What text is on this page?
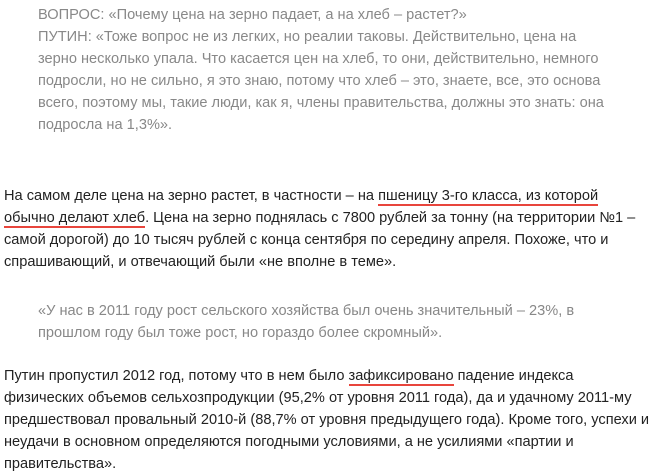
ВОПРОС: «Почему цена на зерно падает, а на хлеб – растет?»
ПУТИН: «Тоже вопрос не из легких, но реалии таковы. Действительно, цена на
зерно несколько упала. Что касается цен на хлеб, то они, действительно, немного
подросли, но не сильно, я это знаю, потому что хлеб – это, знаете, все, это основа
всего, поэтому мы, такие люди, как я, члены правительства, должны это знать: она
подросла на 1,3%».
На самом деле цена на зерно растет, в частности – на пшеницу 3-го класса, из которой
обычно делают хлеб. Цена на зерно поднялась с 7800 рублей за тонну (на территории №1 –
самой дорогой) до 10 тысяч рублей с конца сентября по середину апреля. Похоже, что и
спрашивающий, и отвечающий были «не вполне в теме».
«У нас в 2011 году рост сельского хозяйства был очень значительный – 23%, в
прошлом году был тоже рост, но гораздо более скромный».
Путин пропустил 2012 год, потому что в нем было зафиксировано падение индекса
физических объемов сельхозпродукции (95,2% от уровня 2011 года), да и удачному 2011-му
предшествовал провальный 2010-й (88,7% от уровня предыдущего года). Кроме того, успехи и
неудачи в основном определяются погодными условиями, а не усилиями «партии и
правительства».
